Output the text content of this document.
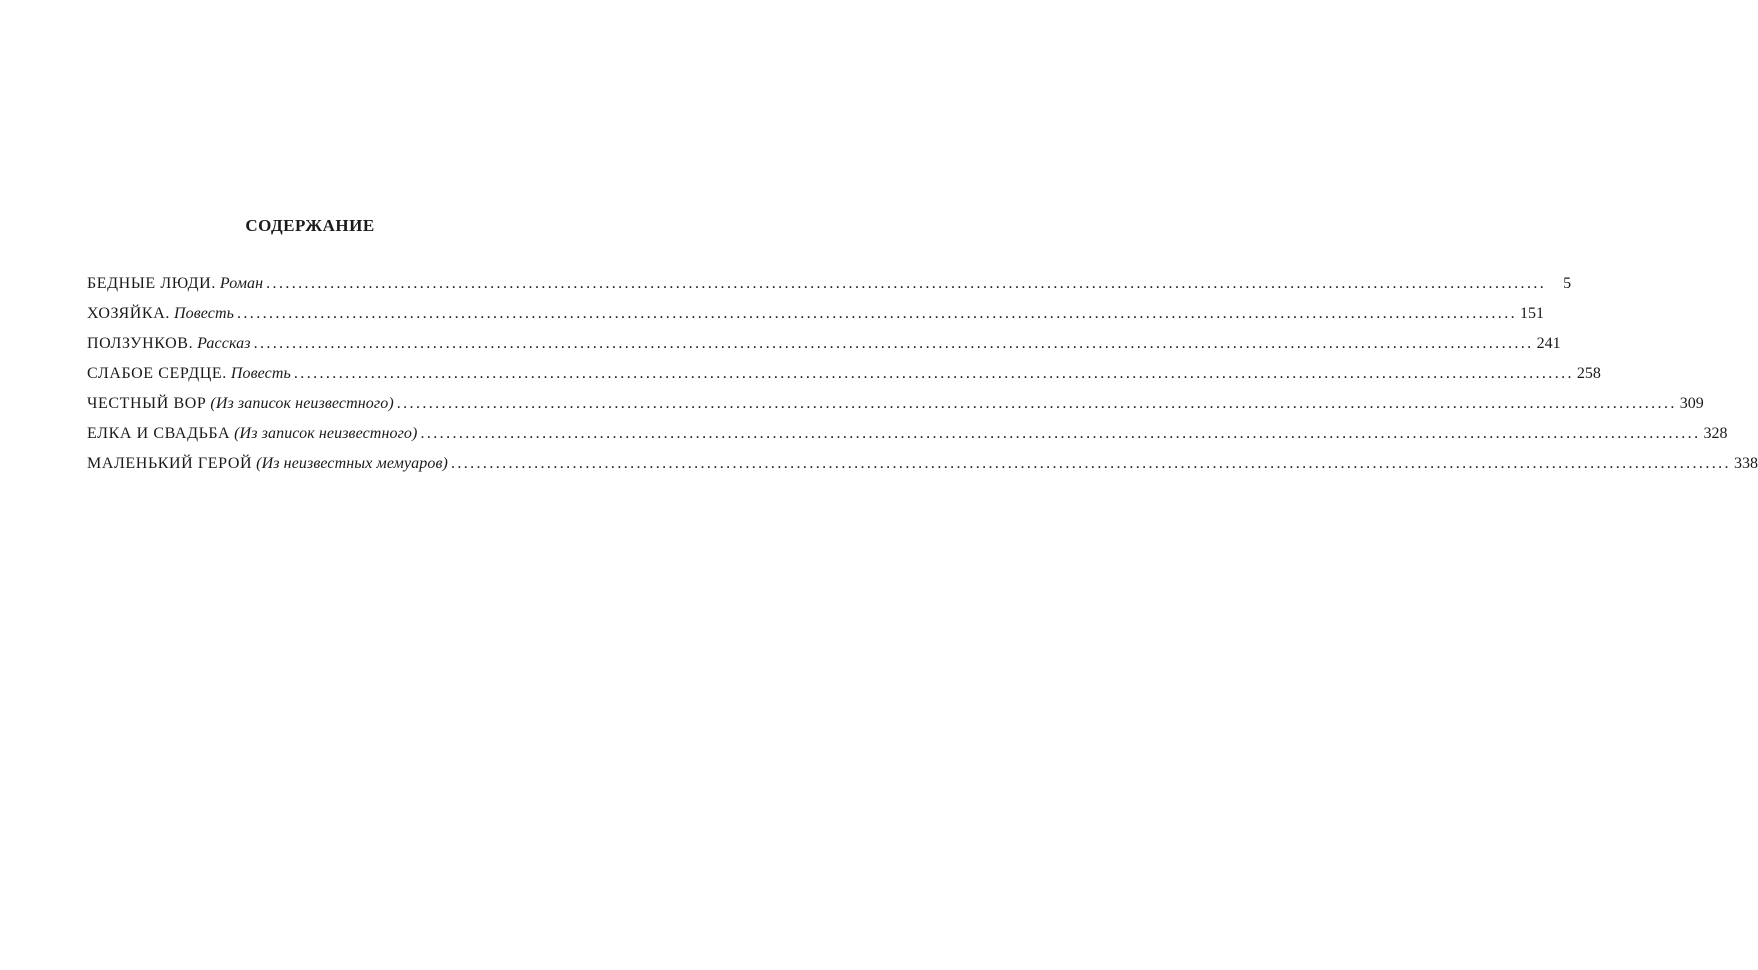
СОДЕРЖАНИЕ
БЕДНЫЕ ЛЮДИ.
Роман ........................................................................................................................................................................................................	5
ХОЗЯЙКА.
Повесть ........................................................................................................................................................................................................ 151
ПОЛЗУНКОВ.
Рассказ ........................................................................................................................................................................................................ 241
СЛАБОЕ СЕРДЦЕ.
Повесть ........................................................................................................................................................................................................ 258
ЧЕСТНЫЙ ВОР
(Из записок неизвестного) ........................................................................................................................................................................................................ 309
ЕЛКА И СВАДЬБА
(Из записок неизвестного) ........................................................................................................................................................................................................ 328
МАЛЕНЬКИЙ ГЕРОЙ
(Из неизвестных мемуаров) ........................................................................................................................................................................................................ 338
